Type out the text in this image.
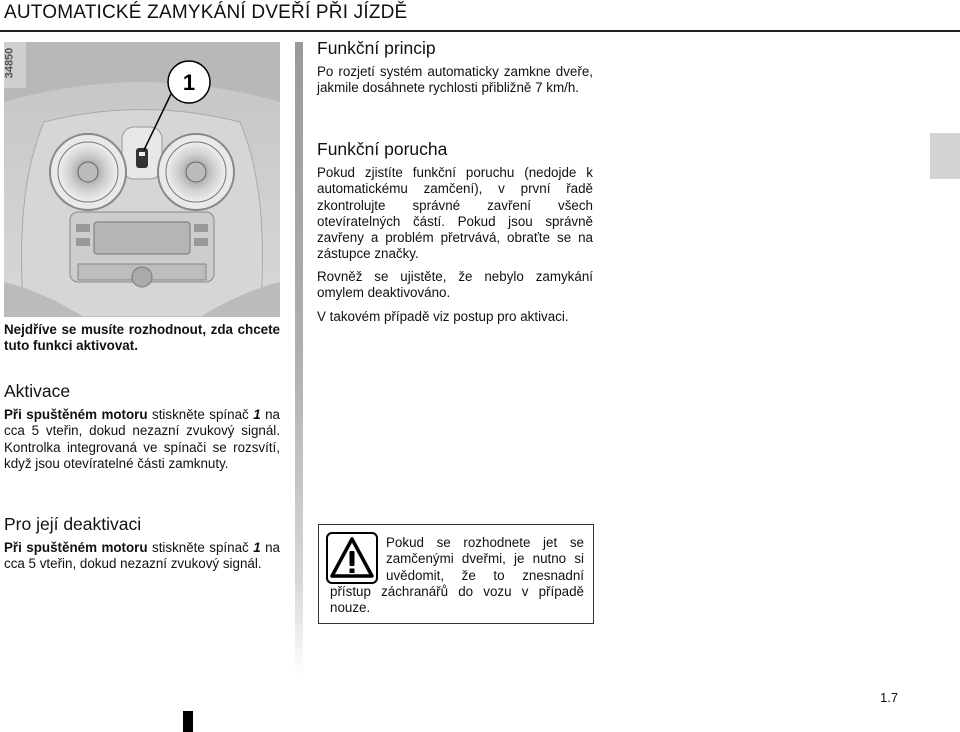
AUTOMATICKÉ ZAMYKÁNÍ DVEŘÍ PŘI JÍZDĚ
1
34850

Nejdříve se musíte rozhodnout, zda chcete tuto funkci aktivovat.

Aktivace

Při spuštěném motoru stiskněte spínač 1 na cca 5 vteřin, dokud nezazní zvukový signál. Kontrolka integrovaná ve spínači se rozsvítí, když jsou otevíratelné části zamknuty.

Pro její deaktivaci

Při spuštěném motoru stiskněte spínač 1 na cca 5 vteřin, dokud nezazní zvukový signál.

Funkční princip

Po rozjetí systém automaticky zamkne dveře, jakmile dosáhnete rychlosti přibližně 7 km/h.

Funkční porucha

Pokud zjistíte funkční poruchu (nedojde k automatickému zamčení), v první řadě zkontrolujte správné zavření všech otevíratelných částí. Pokud jsou správně zavřeny a problém přetrvává, obraťte se na zástupce značky.

Rovněž se ujistěte, že nebylo zamykání omylem deaktivováno.

V takovém případě viz postup pro aktivaci.

Pokud se rozhodnete jet se zamčenými dveřmi, je nutno si uvědomit, že to znesnadní přístup záchranářů do vozu v případě nouze.

1.7
